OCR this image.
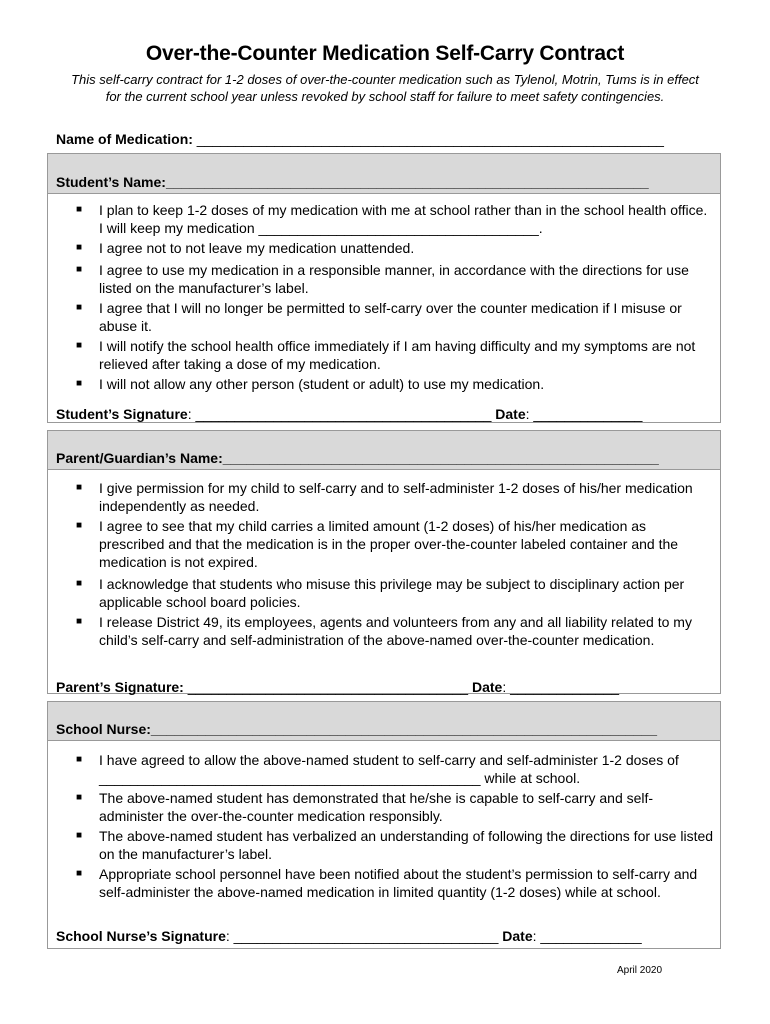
Over-the-Counter Medication Self-Carry Contract
This self-carry contract for 1-2 doses of over-the-counter medication such as Tylenol, Motrin, Tums is in effect for the current school year unless revoked by school staff for failure to meet safety contingencies.
Name of Medication: ____________________________________________________________
Student’s Name: ______________________________________________________________
■ I plan to keep 1-2 doses of my medication with me at school rather than in the school health office. I will keep my medication ____________________________________.
■ I agree not to not leave my medication unattended.
■ I agree to use my medication in a responsible manner, in accordance with the directions for use listed on the manufacturer’s label.
■ I agree that I will no longer be permitted to self-carry over the counter medication if I misuse or abuse it.
■ I will notify the school health office immediately if I am having difficulty and my symptoms are not relieved after taking a dose of my medication.
■ I will not allow any other person (student or adult) to use my medication.
Student’s Signature: ______________________________________ Date: ______________
Parent/Guardian’s Name: ________________________________________________________
■ I give permission for my child to self-carry and to self-administer 1-2 doses of his/her medication independently as needed.
■ I agree to see that my child carries a limited amount (1-2 doses) of his/her medication as prescribed and that the medication is in the proper over-the-counter labeled container and the medication is not expired.
■ I acknowledge that students who misuse this privilege may be subject to disciplinary action per applicable school board policies.
■ I release District 49, its employees, agents and volunteers from any and all liability related to my child’s self-carry and self-administration of the above-named over-the-counter medication.
Parent’s Signature: ____________________________________ Date: ______________
School Nurse: _________________________________________________________________
■ I have agreed to allow the above-named student to self-carry and self-administer 1-2 doses of _________________________________________________ while at school.
■ The above-named student has demonstrated that he/she is capable to self-carry and self-administer the over-the-counter medication responsibly.
■ The above-named student has verbalized an understanding of following the directions for use listed on the manufacturer’s label.
■ Appropriate school personnel have been notified about the student’s permission to self-carry and self-administer the above-named medication in limited quantity (1-2 doses) while at school.
School Nurse’s Signature: __________________________________ Date: _____________
April 2020
